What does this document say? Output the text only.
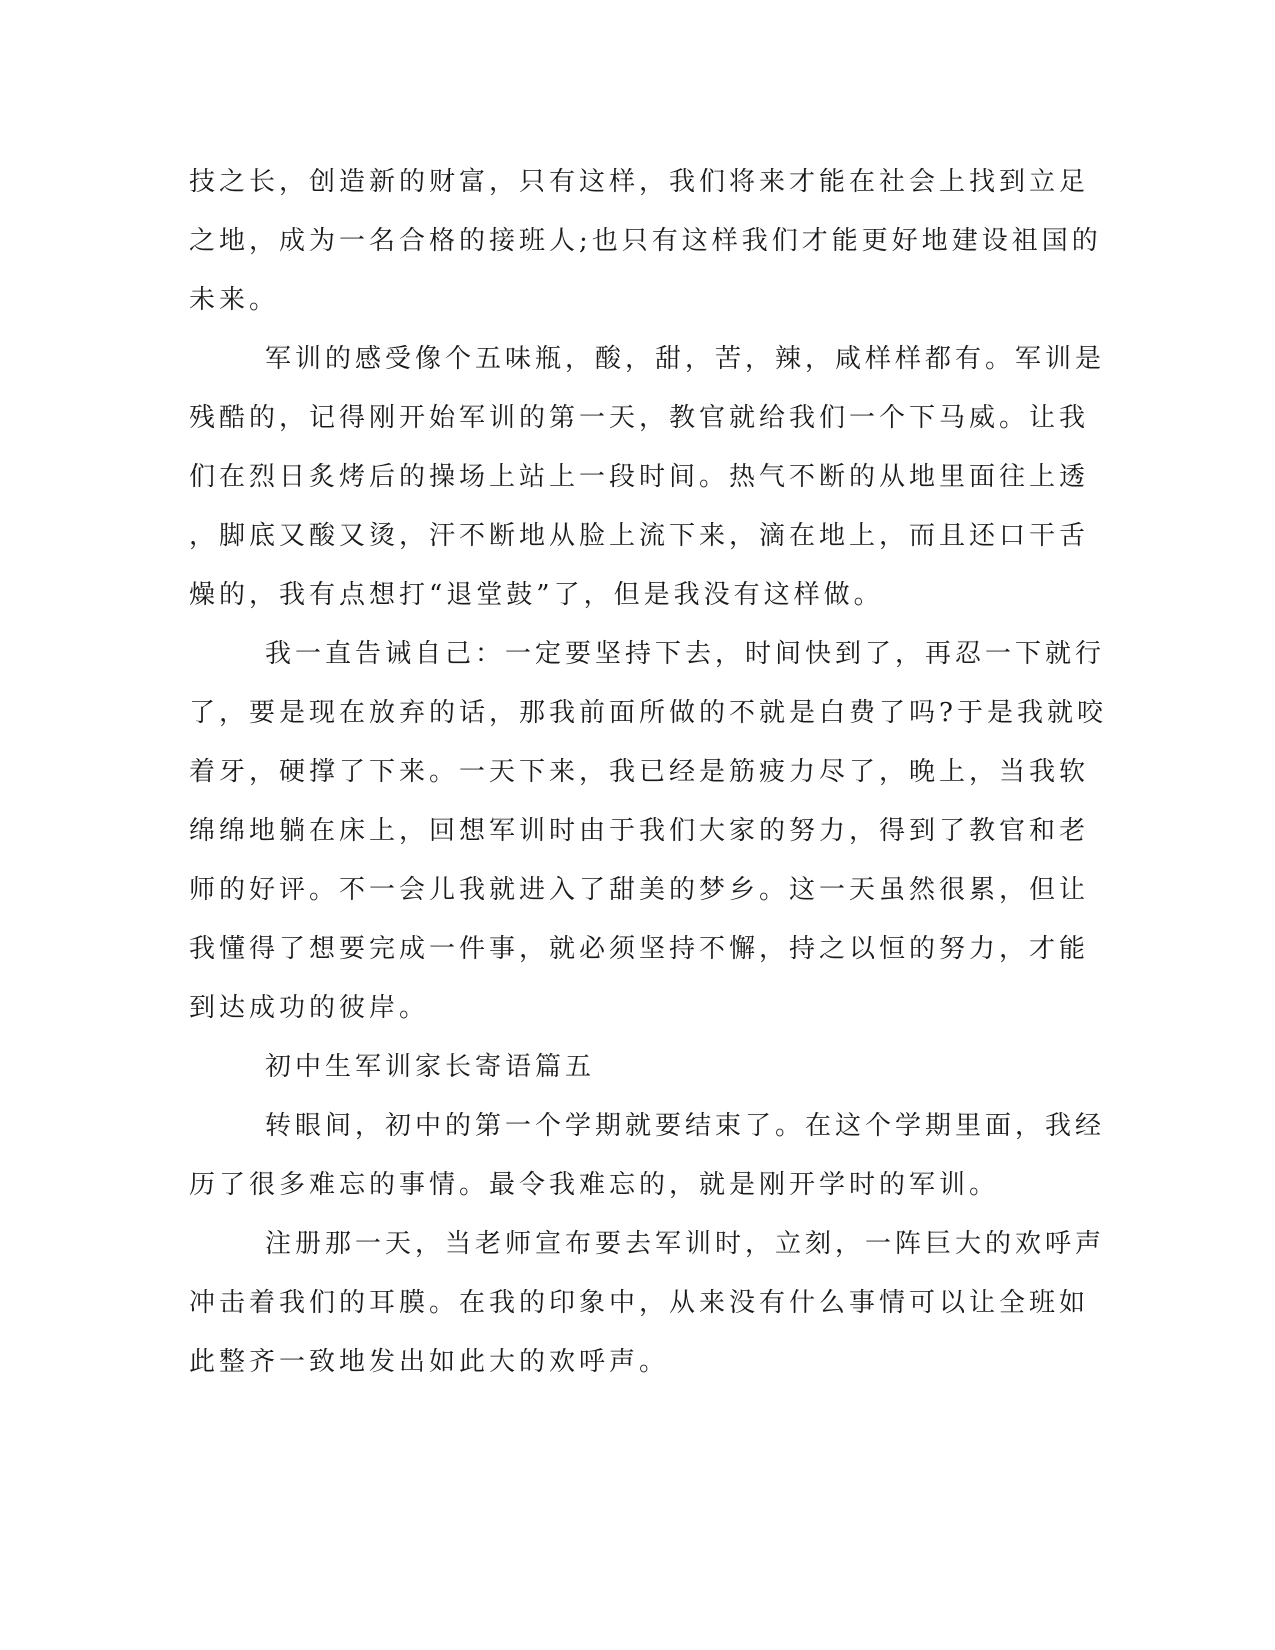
技之长，创造新的财富，只有这样，我们将来才能在社会上找到立足
之地，成为一名合格的接班人;也只有这样我们才能更好地建设祖国的
未来。
军训的感受像个五味瓶，酸，甜，苦，辣，咸样样都有。军训是
残酷的，记得刚开始军训的第一天，教官就给我们一个下马威。让我
们在烈日炙烤后的操场上站上一段时间。热气不断的从地里面往上透
，脚底又酸又烫，汗不断地从脸上流下来，滴在地上，而且还口干舌
燥的，我有点想打“退堂鼓”了，但是我没有这样做。
我一直告诫自己：一定要坚持下去，时间快到了，再忍一下就行
了，要是现在放弃的话，那我前面所做的不就是白费了吗?于是我就咬
着牙，硬撑了下来。一天下来，我已经是筋疲力尽了，晚上，当我软
绵绵地躺在床上，回想军训时由于我们大家的努力，得到了教官和老
师的好评。不一会儿我就进入了甜美的梦乡。这一天虽然很累，但让
我懂得了想要完成一件事，就必须坚持不懈，持之以恒的努力，才能
到达成功的彼岸。
初中生军训家长寄语篇五
转眼间，初中的第一个学期就要结束了。在这个学期里面，我经
历了很多难忘的事情。最令我难忘的，就是刚开学时的军训。
注册那一天，当老师宣布要去军训时，立刻，一阵巨大的欢呼声
冲击着我们的耳膜。在我的印象中，从来没有什么事情可以让全班如
此整齐一致地发出如此大的欢呼声。
